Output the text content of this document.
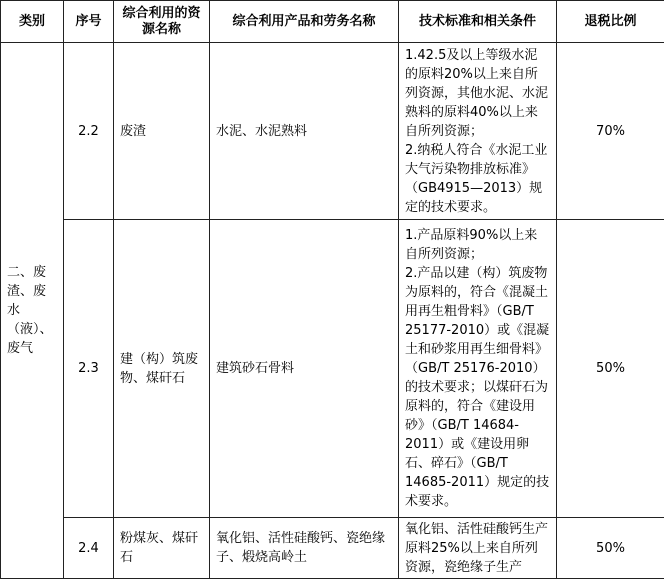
类别	序号	综合利用的资源名称	综合利用产品和劳务名称	技术标准和相关条件	退税比例
二、废渣、废水（液）、废气	2.2	废渣	水泥、水泥熟料	1.42.5及以上等级水泥的原料20%以上来自所列资源，其他水泥、水泥熟料的原料40%以上来自所列资源；
2.纳税人符合《水泥工业大气污染物排放标准》（GB4915—2013）规定的技术要求。	70%
	2.3	建（构）筑废物、煤矸石	建筑砂石骨料	1.产品原料90%以上来自所列资源；
2.产品以建（构）筑废物为原料的，符合《混凝土用再生粗骨料》（GB/T 25177-2010）或《混凝土和砂浆用再生细骨料》（GB/T 25176-2010）的技术要求；以煤矸石为原料的，符合《建设用砂》（GB/T 14684-2011）或《建设用卵石、碎石》（GB/T 14685-2011）规定的技术要求。	50%
	2.4	粉煤灰、煤矸石	氧化铝、活性硅酸钙、瓷绝缘子、煅烧高岭土	氧化铝、活性硅酸钙生产原料25%以上来自所列资源，瓷绝缘子生产	50%
